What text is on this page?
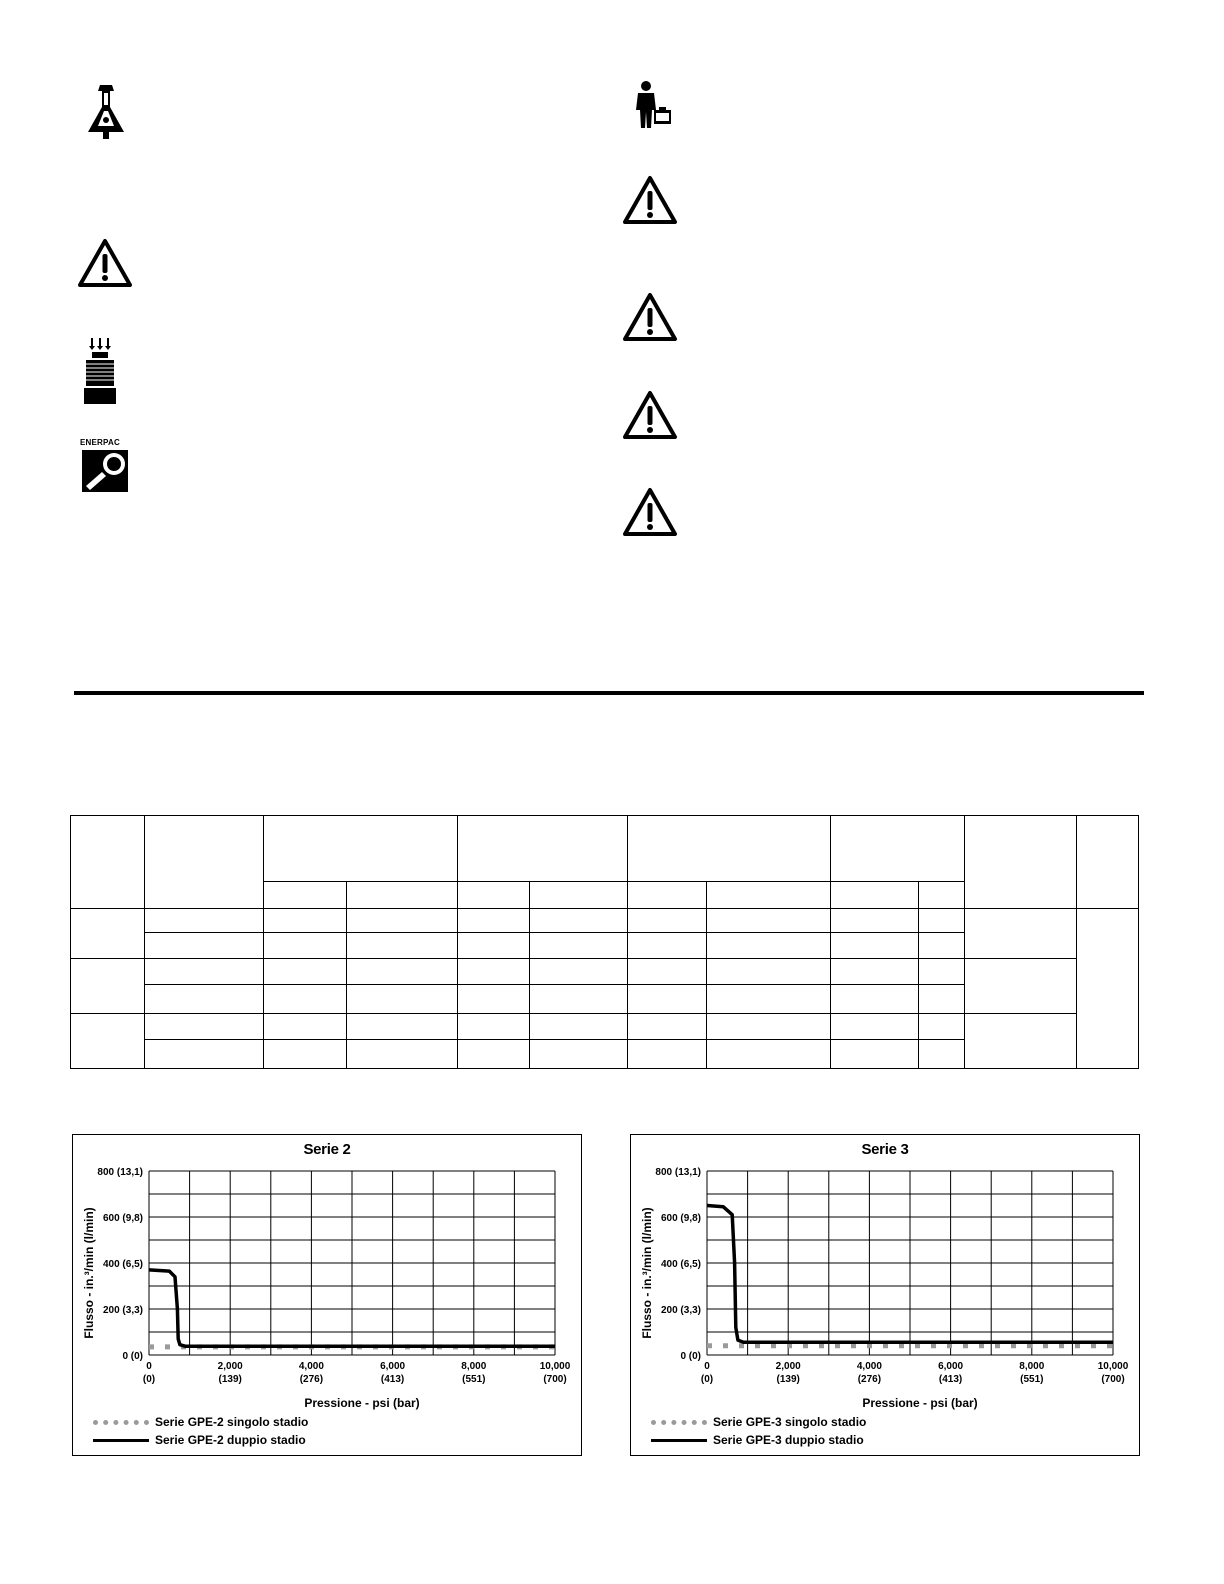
ENERPAC

Serie 2
0 (0)
200 (3,3)
400 (6,5)
600 (9,8)
800 (13,1)
0
(0)
2,000
(139)
4,000
(276)
6,000
(413)
8,000
(551)
10,000
(700)
Pressione - psi (bar)
Flusso - in.³/min (l/min)
Serie GPE-2 singolo stadio
Serie GPE-2 duppio stadio
Serie 3
0 (0)
200 (3,3)
400 (6,5)
600 (9,8)
800 (13,1)
0
(0)
2,000
(139)
4,000
(276)
6,000
(413)
8,000
(551)
10,000
(700)
Pressione - psi (bar)
Flusso - in.³/min (l/min)
Serie GPE-3 singolo stadio
Serie GPE-3 duppio stadio
